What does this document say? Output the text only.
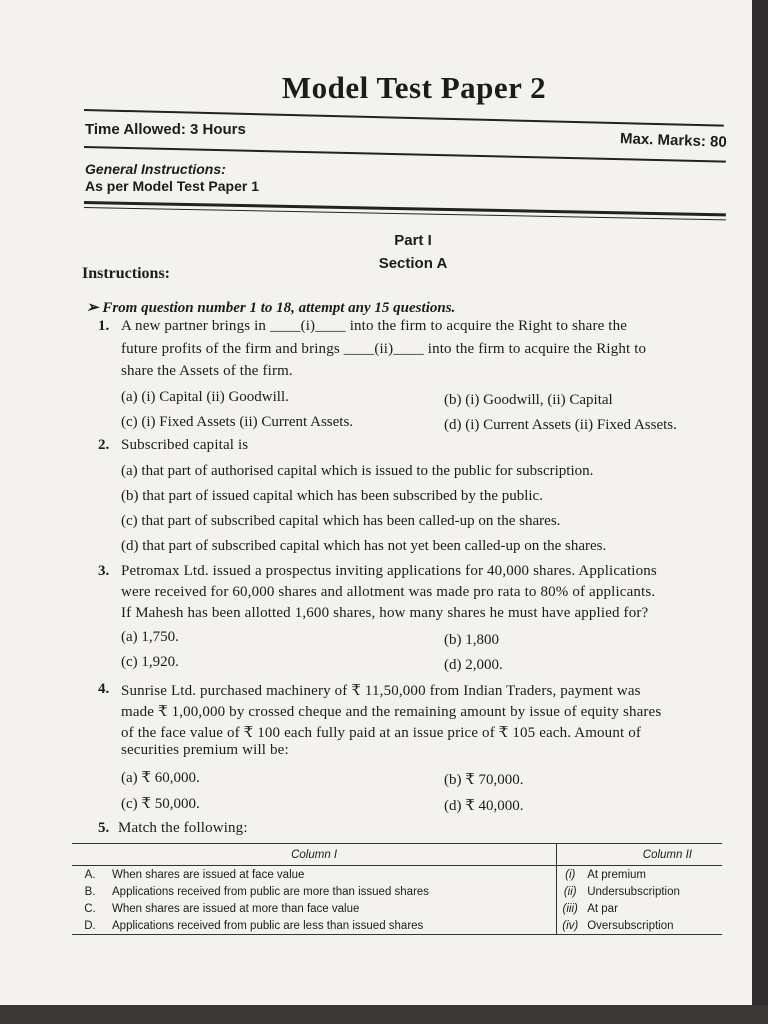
Model Test Paper 2
Time Allowed: 3 Hours
Max. Marks: 80
General Instructions:
As per Model Test Paper 1
Part I
Section A
Instructions:
➢ From question number 1 to 18, attempt any 15 questions.
1. A new partner brings in ____(i)____ into the firm to acquire the Right to share the
future profits of the firm and brings ____(ii)____ into the firm to acquire the Right to
share the Assets of the firm.
(a) (i) Capital (ii) Goodwill.	(b) (i) Goodwill, (ii) Capital
(c) (i) Fixed Assets (ii) Current Assets.	(d) (i) Current Assets (ii) Fixed Assets.
2. Subscribed capital is
(a) that part of authorised capital which is issued to the public for subscription.
(b) that part of issued capital which has been subscribed by the public.
(c) that part of subscribed capital which has been called-up on the shares.
(d) that part of subscribed capital which has not yet been called-up on the shares.
3. Petromax Ltd. issued a prospectus inviting applications for 40,000 shares. Applications
were received for 60,000 shares and allotment was made pro rata to 80% of applicants.
If Mahesh has been allotted 1,600 shares, how many shares he must have applied for?
(a) 1,750.	(b) 1,800
(c) 1,920.	(d) 2,000.
4. Sunrise Ltd. purchased machinery of ₹ 11,50,000 from Indian Traders, payment was
made ₹ 1,00,000 by crossed cheque and the remaining amount by issue of equity shares
of the face value of ₹ 100 each fully paid at an issue price of ₹ 105 each. Amount of
securities premium will be:
(a) ₹ 60,000.	(b) ₹ 70,000.
(c) ₹ 50,000.	(d) ₹ 40,000.
5. Match the following:
Column I		Column II	
A.	When shares are issued at face value	(i)	At premium
B.	Applications received from public are more than issued shares	(ii)	Undersubscription
C.	When shares are issued at more than face value	(iii)	At par
D.	Applications received from public are less than issued shares	(iv)	Oversubscription
